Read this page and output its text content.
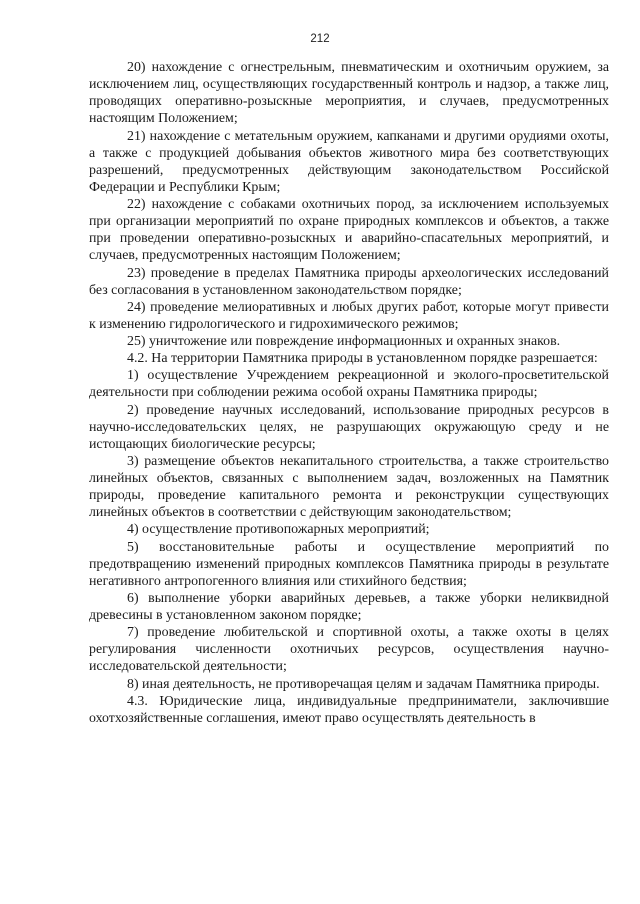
212

20) нахождение с огнестрельным, пневматическим и охотничьим оружием, за исключением лиц, осуществляющих государственный контроль и надзор, а также лиц, проводящих оперативно-розыскные мероприятия, и случаев, предусмотренных настоящим Положением;

21) нахождение с метательным оружием, капканами и другими орудиями охоты, а также с продукцией добывания объектов животного мира без соответствующих разрешений, предусмотренных действующим законодательством Российской Федерации и Республики Крым;

22) нахождение с собаками охотничьих пород, за исключением используемых при организации мероприятий по охране природных комплексов и объектов, а также при проведении оперативно-розыскных и аварийно-спасательных мероприятий, и случаев, предусмотренных настоящим Положением;

23) проведение в пределах Памятника природы археологических исследований без согласования в установленном законодательством порядке;

24) проведение мелиоративных и любых других работ, которые могут привести к изменению гидрологического и гидрохимического режимов;

25) уничтожение или повреждение информационных и охранных знаков.

4.2. На территории Памятника природы в установленном порядке разрешается:

1) осуществление Учреждением рекреационной и эколого-просветительской деятельности при соблюдении режима особой охраны Памятника природы;

2) проведение научных исследований, использование природных ресурсов в научно-исследовательских целях, не разрушающих окружающую среду и не истощающих биологические ресурсы;

3) размещение объектов некапитального строительства, а также строительство линейных объектов, связанных с выполнением задач, возложенных на Памятник природы, проведение капитального ремонта и реконструкции существующих линейных объектов в соответствии с действующим законодательством;

4) осуществление противопожарных мероприятий;

5) восстановительные работы и осуществление мероприятий по предотвращению изменений природных комплексов Памятника природы в результате негативного антропогенного влияния или стихийного бедствия;

6) выполнение уборки аварийных деревьев, а также уборки неликвидной древесины в установленном законом порядке;

7) проведение любительской и спортивной охоты, а также охоты в целях регулирования численности охотничьих ресурсов, осуществления научно-исследовательской деятельности;

8) иная деятельность, не противоречащая целям и задачам Памятника природы.

4.3. Юридические лица, индивидуальные предприниматели, заключившие охотхозяйственные соглашения, имеют право осуществлять деятельность в
